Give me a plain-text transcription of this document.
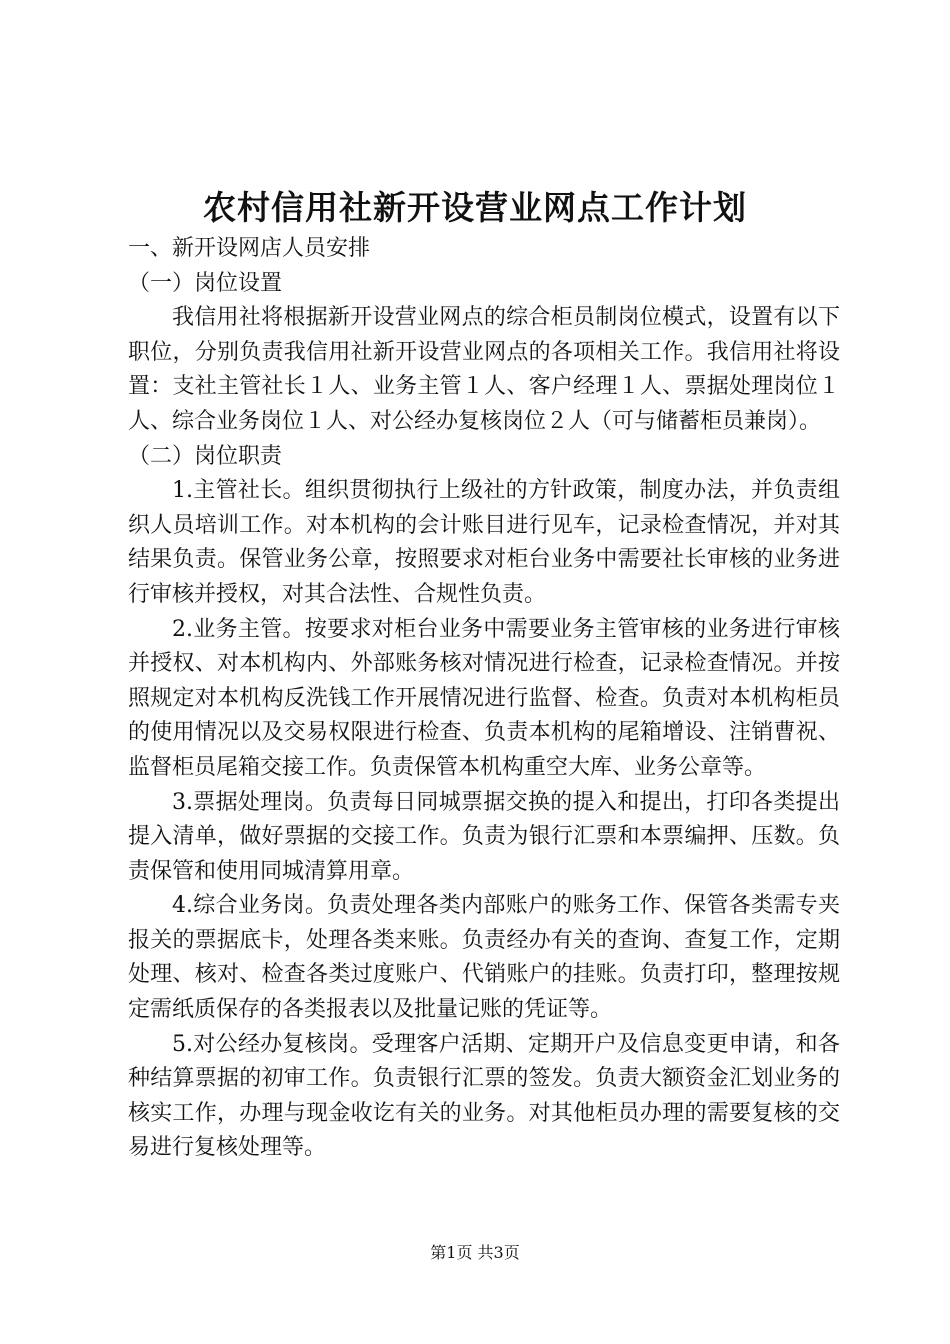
农村信用社新开设营业网点工作计划

一、新开设网店人员安排

（一）岗位设置

我信用社将根据新开设营业网点的综合柜员制岗位模式，设置有以下职位，分别负责我信用社新开设营业网点的各项相关工作。我信用社将设置：支社主管社长１人、业务主管１人、客户经理１人、票据处理岗位１人、综合业务岗位１人、对公经办复核岗位２人（可与储蓄柜员兼岗）。

（二）岗位职责

1.主管社长。组织贯彻执行上级社的方针政策，制度办法，并负责组织人员培训工作。对本机构的会计账目进行见车，记录检查情况，并对其结果负责。保管业务公章，按照要求对柜台业务中需要社长审核的业务进行审核并授权，对其合法性、合规性负责。

2.业务主管。按要求对柜台业务中需要业务主管审核的业务进行审核并授权、对本机构内、外部账务核对情况进行检查，记录检查情况。并按照规定对本机构反洗钱工作开展情况进行监督、检查。负责对本机构柜员的使用情况以及交易权限进行检查、负责本机构的尾箱增设、注销曹祝、监督柜员尾箱交接工作。负责保管本机构重空大库、业务公章等。

3.票据处理岗。负责每日同城票据交换的提入和提出，打印各类提出提入清单，做好票据的交接工作。负责为银行汇票和本票编押、压数。负责保管和使用同城清算用章。

4.综合业务岗。负责处理各类内部账户的账务工作、保管各类需专夹报关的票据底卡，处理各类来账。负责经办有关的查询、查复工作，定期处理、核对、检查各类过度账户、代销账户的挂账。负责打印，整理按规定需纸质保存的各类报表以及批量记账的凭证等。

5.对公经办复核岗。受理客户活期、定期开户及信息变更申请，和各种结算票据的初审工作。负责银行汇票的签发。负责大额资金汇划业务的核实工作，办理与现金收讫有关的业务。对其他柜员办理的需要复核的交易进行复核处理等。

第1页 共3页
